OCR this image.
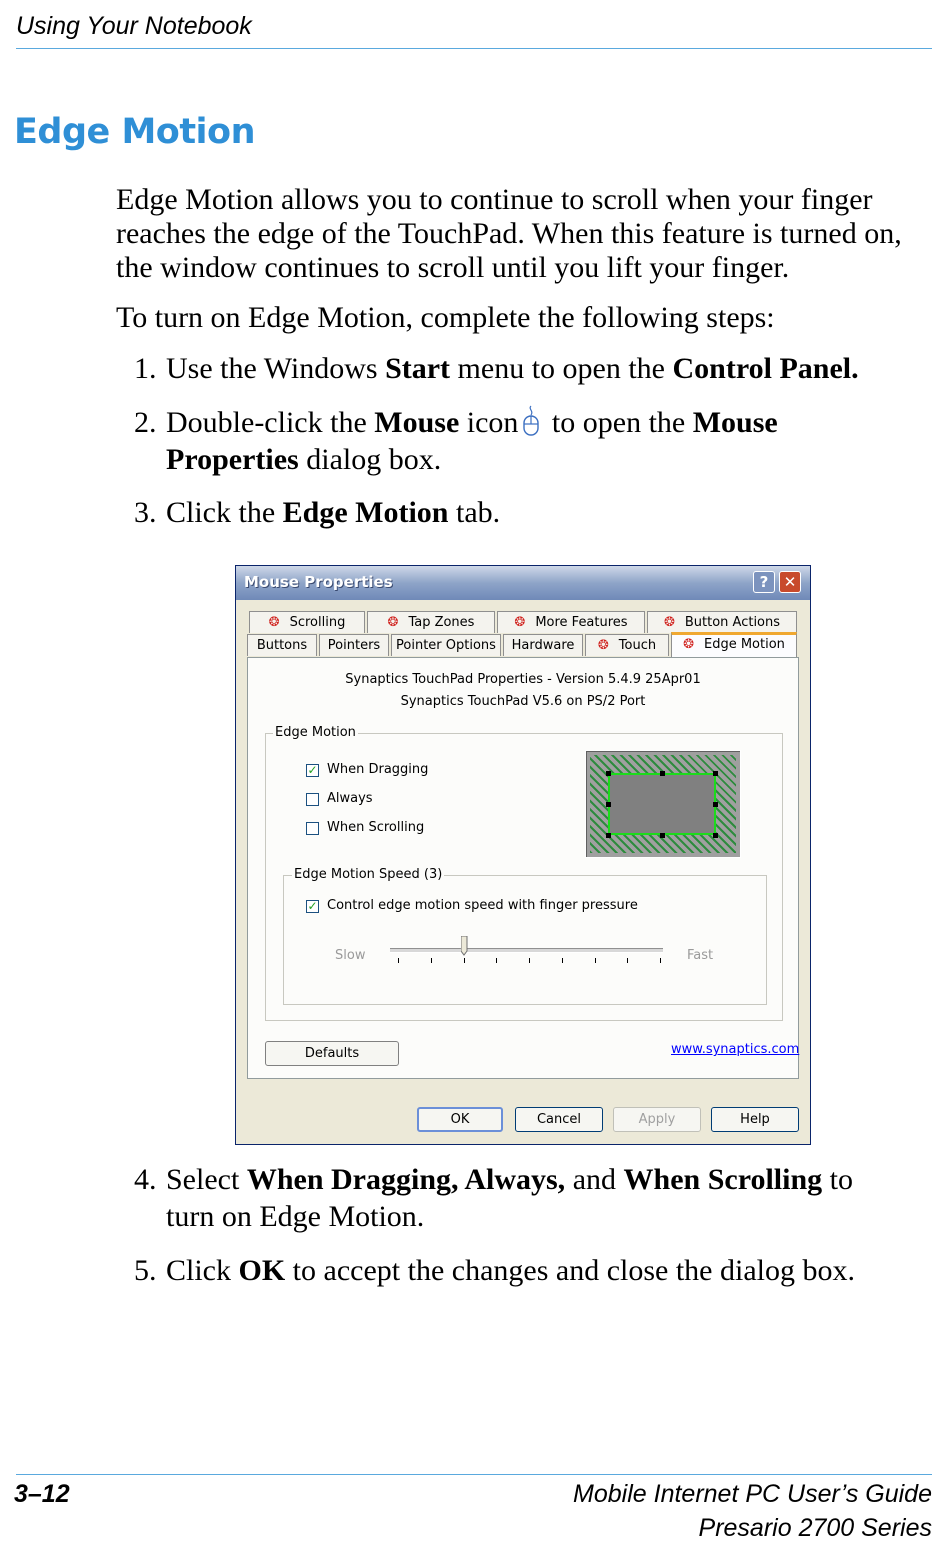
Using Your Notebook
Edge Motion
Edge Motion allows you to continue to scroll when your finger
reaches the edge of the TouchPad. When this feature is turned on,
the window continues to scroll until you lift your finger.
To turn on Edge Motion, complete the following steps:
1. Use the Windows Start menu to open the Control Panel.
2. Double-click the Mouse icon to open the Mouse
Properties dialog box.
3. Click the Edge Motion tab.
Mouse Properties	?	✕
❂ Scrolling	❂ Tap Zones	❂ More Features	❂ Button Actions
Buttons	Pointers	Pointer Options	Hardware	❂ Touch	❂ Edge Motion
Synaptics TouchPad Properties - Version 5.4.9 25Apr01
Synaptics TouchPad V5.6 on PS/2 Port
Edge Motion
✓ When Dragging
Always
When Scrolling
Edge Motion Speed (3)
✓ Control edge motion speed with finger pressure
Slow	Fast
Defaults	www.synaptics.com
OK	Cancel	Apply	Help
4. Select When Dragging, Always, and When Scrolling to
turn on Edge Motion.
5. Click OK to accept the changes and close the dialog box.
3–12	Mobile Internet PC User’s Guide
Presario 2700 Series
